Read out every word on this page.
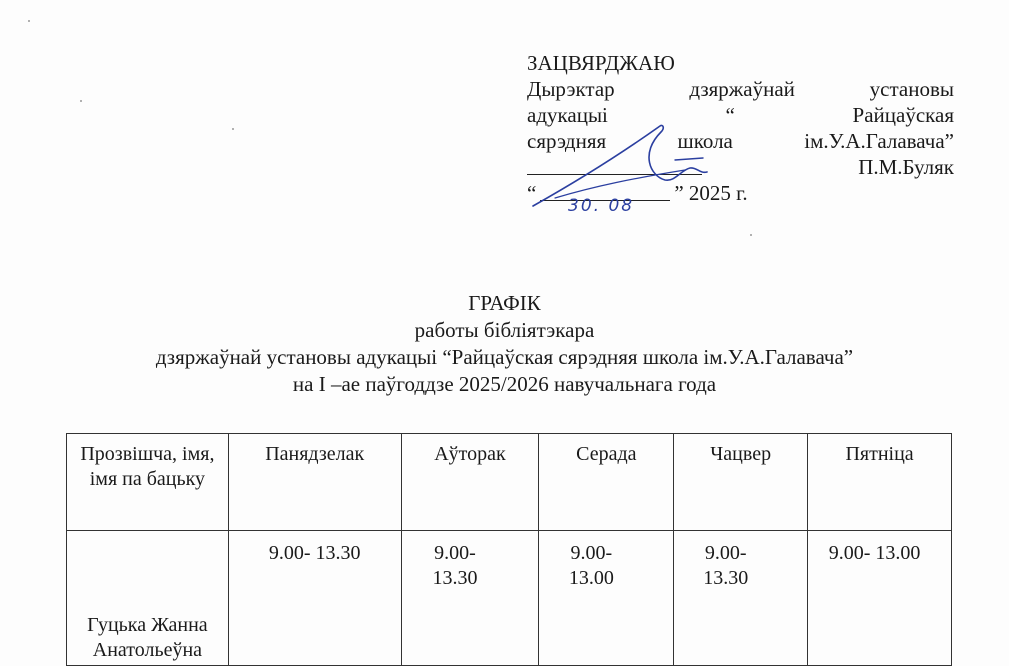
ЗАЦВЯРДЖАЮ
Дырэктар	дзяржаўнай	установы
адукацыі	“	Райцаўская
сярэдняя	школа	ім.У.А.Галавача”
П.М.Буляк
“	” 2025 г.
30. 08
ГРАФІК
работы бібліятэкара
дзяржаўнай установы адукацыі “Райцаўская сярэдняя школа ім.У.А.Галавача”
на I –ае паўгоддзе 2025/2026 навучальнага года
Прозвішча, імя, імя па бацьку	Панядзелак	Аўторак	Серада	Чацвер	Пятніца
Гуцька Жанна Анатольеўна	9.00- 13.30	9.00- 13.30	9.00- 13.00	9.00- 13.30	9.00- 13.00
